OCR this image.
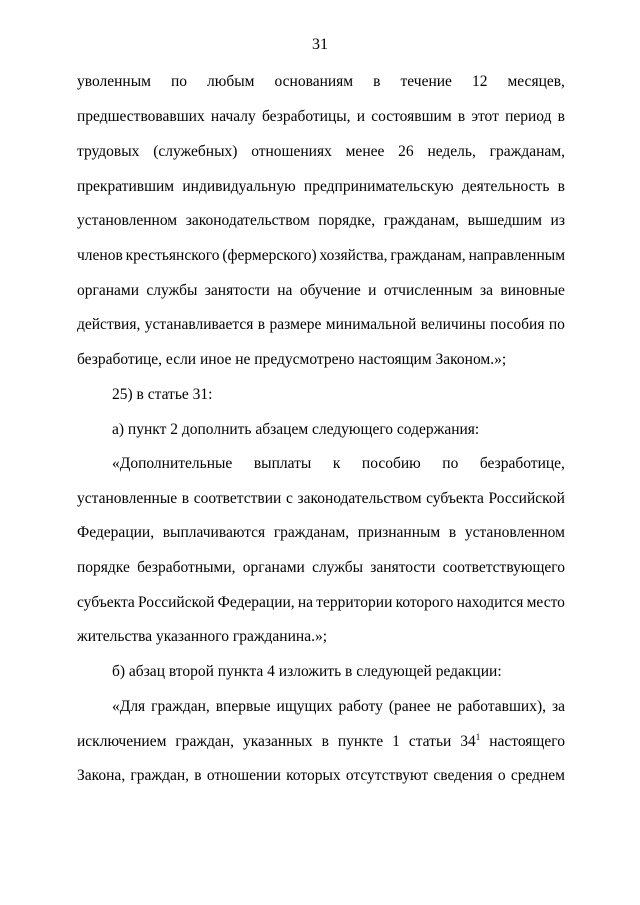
31
уволенным по любым основаниям в течение 12 месяцев,
предшествовавших началу безработицы, и состоявшим в этот период в
трудовых (служебных) отношениях менее 26 недель, гражданам,
прекратившим индивидуальную предпринимательскую деятельность в
установленном законодательством порядке, гражданам, вышедшим из
членов крестьянского (фермерского) хозяйства, гражданам, направленным
органами службы занятости на обучение и отчисленным за виновные
действия, устанавливается в размере минимальной величины пособия по
безработице, если иное не предусмотрено настоящим Законом.»;
25) в статье 31:
а) пункт 2 дополнить абзацем следующего содержания:
«Дополнительные выплаты к пособию по безработице,
установленные в соответствии с законодательством субъекта Российской
Федерации, выплачиваются гражданам, признанным в установленном
порядке безработными, органами службы занятости соответствующего
субъекта Российской Федерации, на территории которого находится место
жительства указанного гражданина.»;
б) абзац второй пункта 4 изложить в следующей редакции:
«Для граждан, впервые ищущих работу (ранее не работавших), за
исключением граждан, указанных в пункте 1 статьи $34^1$ настоящего
Закона, граждан, в отношении которых отсутствуют сведения о среднем
